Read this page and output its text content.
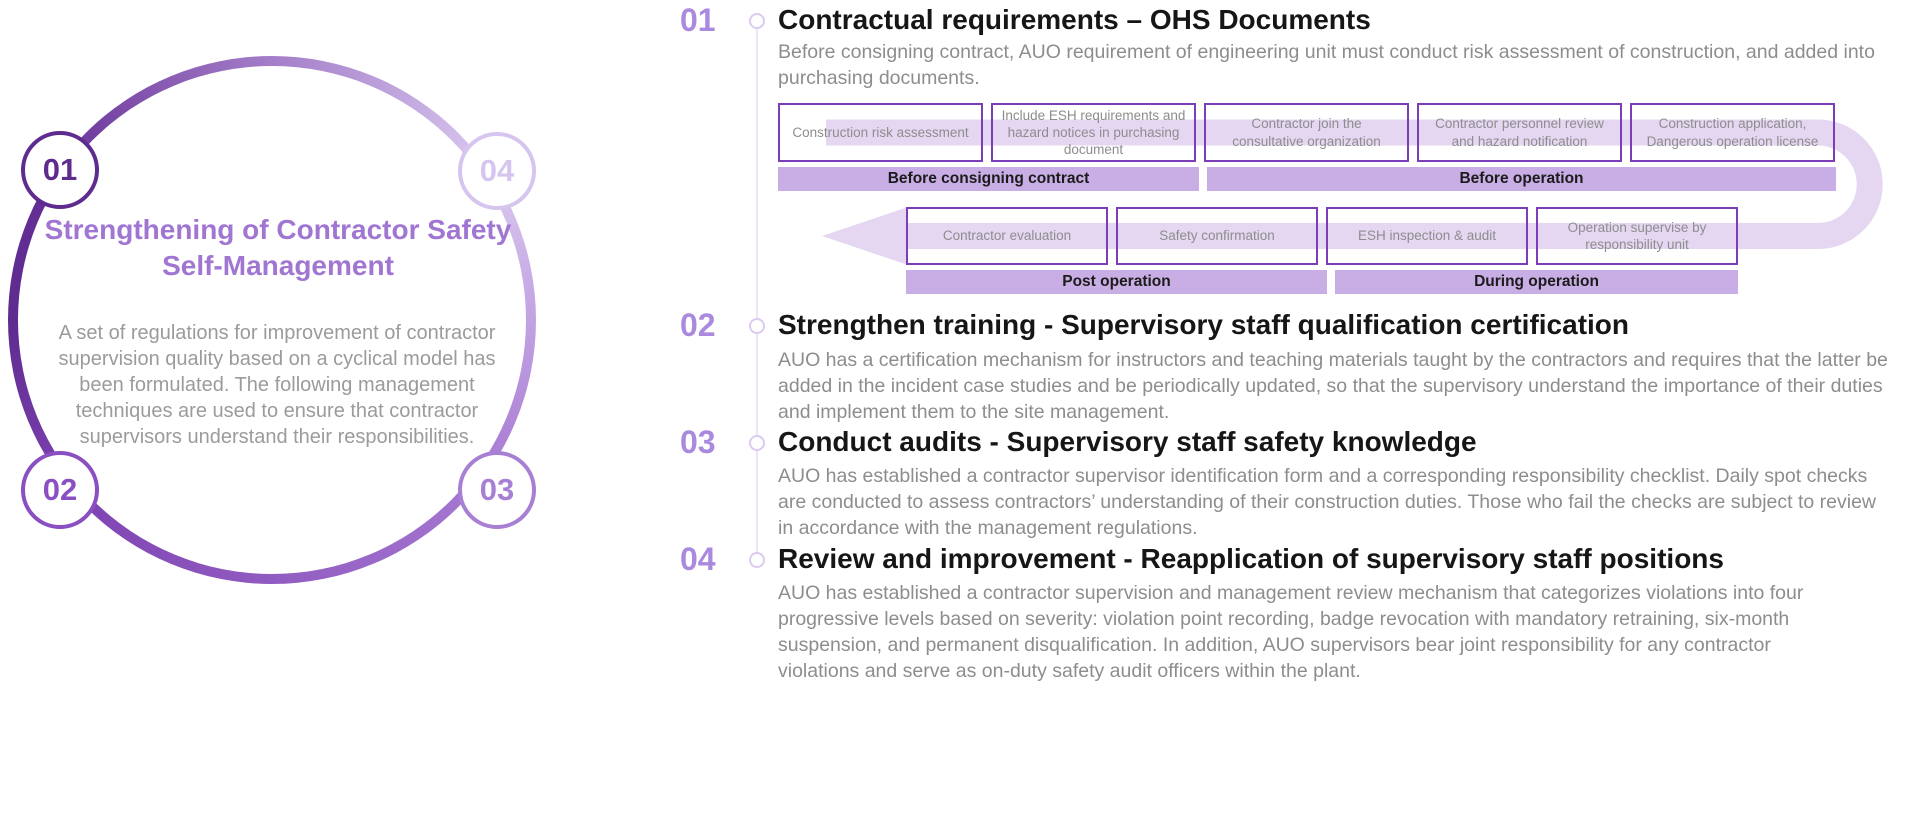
01
02	03
04
Strengthening of Contractor Safety Self-Management
A set of regulations for improvement of contractor supervision quality based on a cyclical model has been formulated. The following management techniques are used to ensure that contractor supervisors understand their responsibilities.
01 Contractual requirements – OHS Documents
Before consigning contract, AUO requirement of engineering unit must conduct risk assessment of construction, and added into purchasing documents.
Construction risk assessment
Include ESH requirements and hazard notices in purchasing document
Contractor join the consultative organization
Contractor personnel review and hazard notification
Construction application, Dangerous operation license
Before consigning contract	Before operation
Contractor evaluation	Safety confirmation	ESH inspection & audit
Operation supervise by responsibility unit
Post operation	During operation
02 Strengthen training - Supervisory staff qualification certification
AUO has a certification mechanism for instructors and teaching materials taught by the contractors and requires that the latter be added in the incident case studies and be periodically updated, so that the supervisory understand the importance of their duties and implement them to the site management.
03 Conduct audits - Supervisory staff safety knowledge
AUO has established a contractor supervisor identification form and a corresponding responsibility checklist. Daily spot checks are conducted to assess contractors’ understanding of their construction duties. Those who fail the checks are subject to review in accordance with the management regulations.
04 Review and improvement - Reapplication of supervisory staff positions
AUO has established a contractor supervision and management review mechanism that categorizes violations into four progressive levels based on severity: violation point recording, badge revocation with mandatory retraining, six-month suspension, and permanent disqualification. In addition, AUO supervisors bear joint responsibility for any contractor violations and serve as on-duty safety audit officers within the plant.
